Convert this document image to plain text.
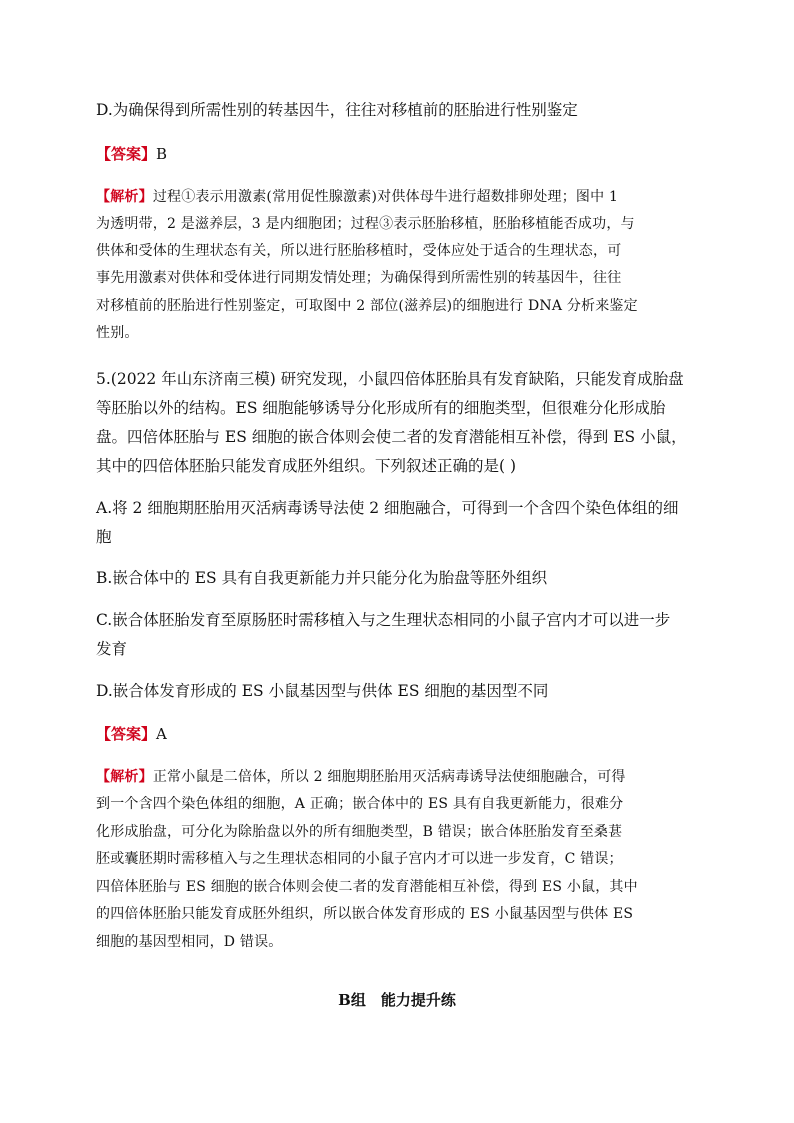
D.为确保得到所需性别的转基因牛，往往对移植前的胚胎进行性别鉴定
【答案】B
【解析】过程①表示用激素(常用促性腺激素)对供体母牛进行超数排卵处理；图中 1
为透明带，2 是滋养层，3 是内细胞团；过程③表示胚胎移植，胚胎移植能否成功，与
供体和受体的生理状态有关，所以进行胚胎移植时，受体应处于适合的生理状态，可
事先用激素对供体和受体进行同期发情处理；为确保得到所需性别的转基因牛，往往
对移植前的胚胎进行性别鉴定，可取图中 2 部位(滋养层)的细胞进行 DNA 分析来鉴定
性别。
5.(2022 年山东济南三模) 研究发现，小鼠四倍体胚胎具有发育缺陷，只能发育成胎盘
等胚胎以外的结构。ES 细胞能够诱导分化形成所有的细胞类型，但很难分化形成胎
盘。四倍体胚胎与 ES 细胞的嵌合体则会使二者的发育潜能相互补偿，得到 ES 小鼠，
其中的四倍体胚胎只能发育成胚外组织。下列叙述正确的是( )
A.将 2 细胞期胚胎用灭活病毒诱导法使 2 细胞融合，可得到一个含四个染色体组的细
胞
B.嵌合体中的 ES 具有自我更新能力并只能分化为胎盘等胚外组织
C.嵌合体胚胎发育至原肠胚时需移植入与之生理状态相同的小鼠子宫内才可以进一步
发育
D.嵌合体发育形成的 ES 小鼠基因型与供体 ES 细胞的基因型不同
【答案】A
【解析】正常小鼠是二倍体，所以 2 细胞期胚胎用灭活病毒诱导法使细胞融合，可得
到一个含四个染色体组的细胞，A 正确；嵌合体中的 ES 具有自我更新能力，很难分
化形成胎盘，可分化为除胎盘以外的所有细胞类型，B 错误；嵌合体胚胎发育至桑葚
胚或囊胚期时需移植入与之生理状态相同的小鼠子宫内才可以进一步发育，C 错误；
四倍体胚胎与 ES 细胞的嵌合体则会使二者的发育潜能相互补偿，得到 ES 小鼠，其中
的四倍体胚胎只能发育成胚外组织，所以嵌合体发育形成的 ES 小鼠基因型与供体 ES
细胞的基因型相同，D 错误。
B组　能力提升练
